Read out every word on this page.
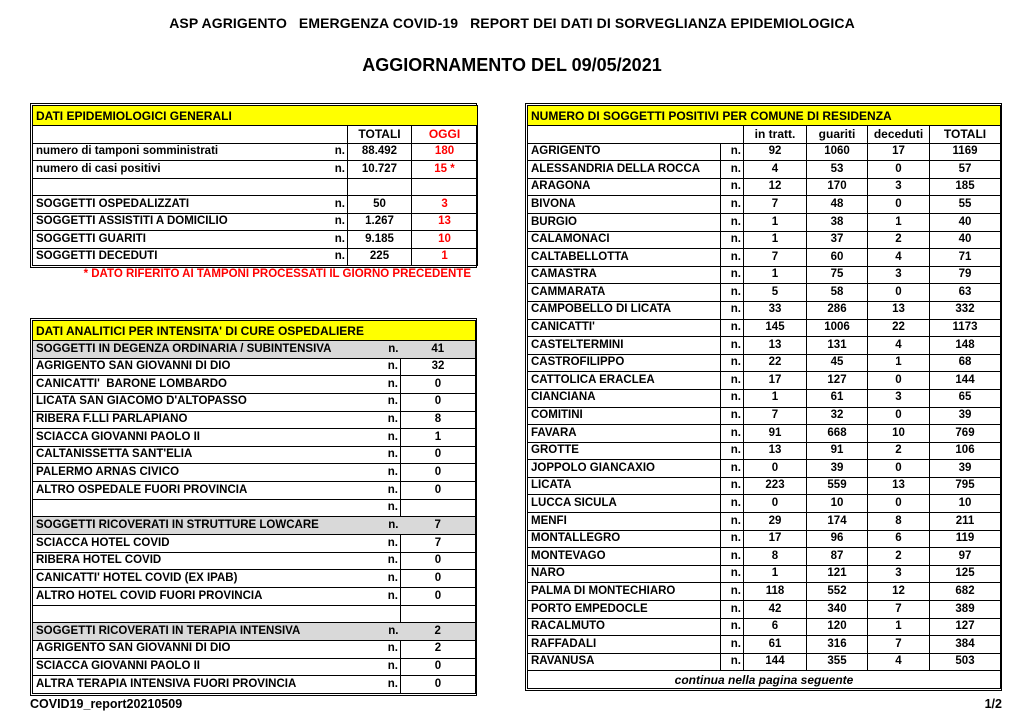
ASP AGRIGENTO   EMERGENZA COVID-19   REPORT DEI DATI DI SORVEGLIANZA EPIDEMIOLOGICA
AGGIORNAMENTO DEL 09/05/2021
DATI EPIDEMIOLOGICI GENERALI			
		TOTALI	OGGI
numero di tamponi somministrati	n.	88.492	180
numero di casi positivi	n.	10.727	15 *

SOGGETTI OSPEDALIZZATI	n.	50	3
SOGGETTI ASSISTITI A DOMICILIO	n.	1.267	13
SOGGETTI GUARITI	n.	9.185	10
SOGGETTI DECEDUTI	n.	225	1
* DATO RIFERITO AI TAMPONI PROCESSATI IL GIORNO PRECEDENTE
DATI ANALITICI PER INTENSITA' DI CURE OSPEDALIERE		
SOGGETTI IN DEGENZA ORDINARIA / SUBINTENSIVA	n.	41
AGRIGENTO SAN GIOVANNI DI DIO	n.	32
CANICATTI'  BARONE LOMBARDO	n.	0
LICATA SAN GIACOMO D'ALTOPASSO	n.	0
RIBERA F.LLI PARLAPIANO	n.	8
SCIACCA GIOVANNI PAOLO II	n.	1
CALTANISSETTA SANT'ELIA	n.	0
PALERMO ARNAS CIVICO	n.	0
ALTRO OSPEDALE FUORI PROVINCIA	n.	0
	n.	
SOGGETTI RICOVERATI IN STRUTTURE LOWCARE	n.	7
SCIACCA HOTEL COVID	n.	7
RIBERA HOTEL COVID	n.	0
CANICATTI' HOTEL COVID (EX IPAB)	n.	0
ALTRO HOTEL COVID FUORI PROVINCIA	n.	0

SOGGETTI RICOVERATI IN TERAPIA INTENSIVA	n.	2
AGRIGENTO SAN GIOVANNI DI DIO	n.	2
SCIACCA GIOVANNI PAOLO II	n.	0
ALTRA TERAPIA INTENSIVA FUORI PROVINCIA	n.	0
NUMERO DI SOGGETTI POSITIVI PER COMUNE DI RESIDENZA					
		in tratt.	guariti	deceduti	TOTALI
AGRIGENTO	n.	92	1060	17	1169
ALESSANDRIA DELLA ROCCA	n.	4	53	0	57
ARAGONA	n.	12	170	3	185
BIVONA	n.	7	48	0	55
BURGIO	n.	1	38	1	40
CALAMONACI	n.	1	37	2	40
CALTABELLOTTA	n.	7	60	4	71
CAMASTRA	n.	1	75	3	79
CAMMARATA	n.	5	58	0	63
CAMPOBELLO DI LICATA	n.	33	286	13	332
CANICATTI'	n.	145	1006	22	1173
CASTELTERMINI	n.	13	131	4	148
CASTROFILIPPO	n.	22	45	1	68
CATTOLICA ERACLEA	n.	17	127	0	144
CIANCIANA	n.	1	61	3	65
COMITINI	n.	7	32	0	39
FAVARA	n.	91	668	10	769
GROTTE	n.	13	91	2	106
JOPPOLO GIANCAXIO	n.	0	39	0	39
LICATA	n.	223	559	13	795
LUCCA SICULA	n.	0	10	0	10
MENFI	n.	29	174	8	211
MONTALLEGRO	n.	17	96	6	119
MONTEVAGO	n.	8	87	2	97
NARO	n.	1	121	3	125
PALMA DI MONTECHIARO	n.	118	552	12	682
PORTO EMPEDOCLE	n.	42	340	7	389
RACALMUTO	n.	6	120	1	127
RAFFADALI	n.	61	316	7	384
RAVANUSA	n.	144	355	4	503
continua nella pagina seguente					
COVID19_report20210509	1/2
